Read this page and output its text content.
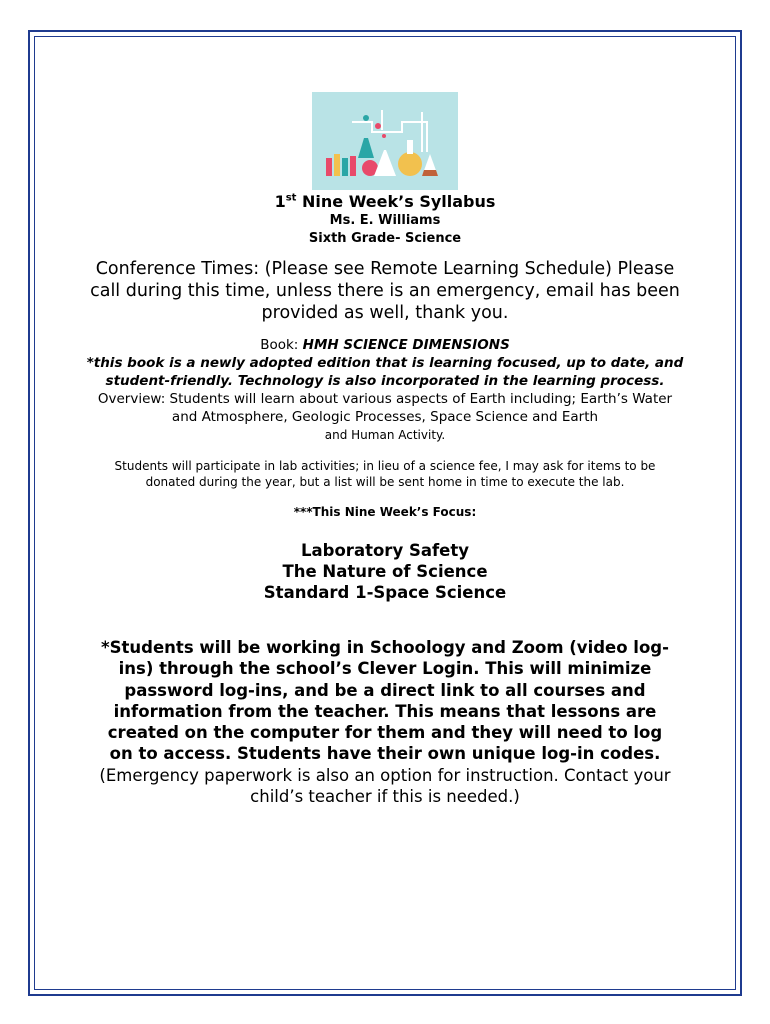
1st Nine Week’s Syllabus
Ms. E. Williams
Sixth Grade- Science
Conference Times: (Please see Remote Learning Schedule) Please call during this time, unless there is an emergency, email has been provided as well, thank you.
Book: HMH SCIENCE DIMENSIONS
*this book is a newly adopted edition that is learning focused, up to date, and student-friendly. Technology is also incorporated in the learning process.
Overview: Students will learn about various aspects of Earth including; Earth’s Water and Atmosphere, Geologic Processes, Space Science and Earth
and Human Activity.
Students will participate in lab activities; in lieu of a science fee, I may ask for items to be donated during the year, but a list will be sent home in time to execute the lab.
***This Nine Week’s Focus:
Laboratory Safety
The Nature of Science
Standard 1-Space Science
*Students will be working in Schoology and Zoom (video log-ins) through the school’s Clever Login. This will minimize password log-ins, and be a direct link to all courses and information from the teacher. This means that lessons are created on the computer for them and they will need to log on to access. Students have their own unique log-in codes.
(Emergency paperwork is also an option for instruction. Contact your child’s teacher if this is needed.)
